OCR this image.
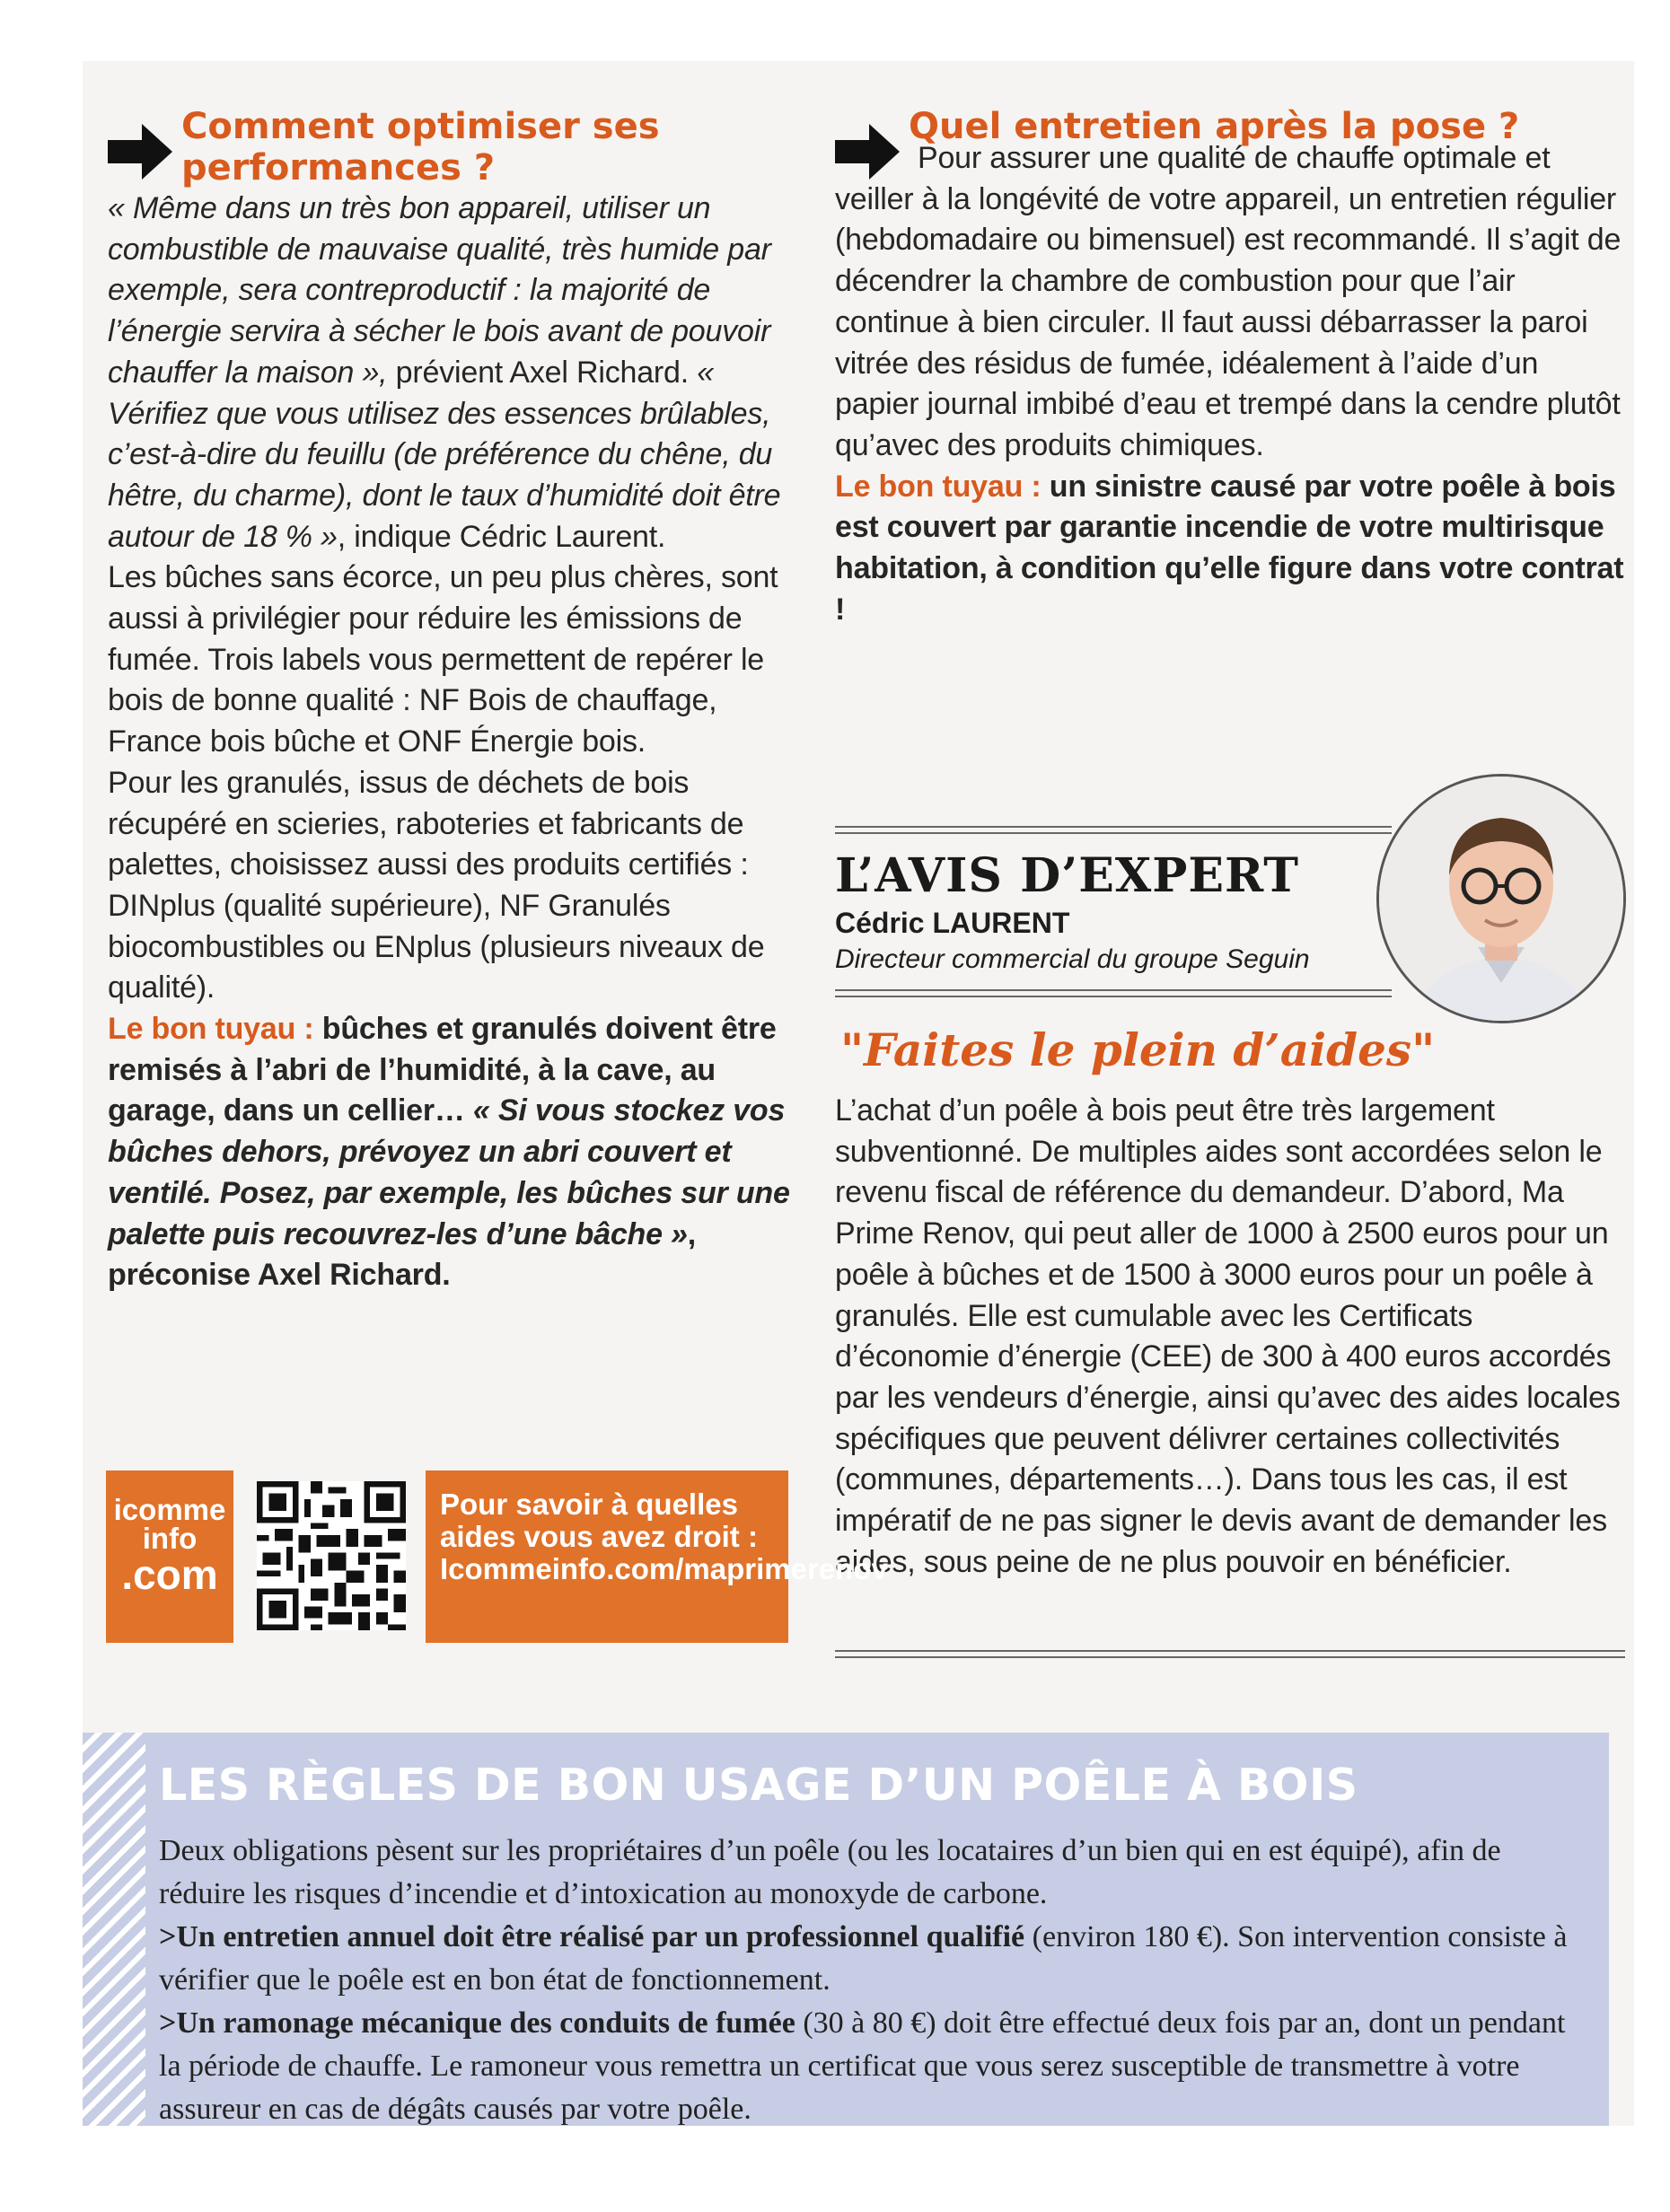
Comment optimiser ses performances ?

« Même dans un très bon appareil, utiliser un combustible de mauvaise qualité, très humide par exemple, sera contreproductif : la majorité de l’énergie servira à sécher le bois avant de pouvoir chauffer la maison », prévient Axel Richard. « Vérifiez que vous utilisez des essences brûlables, c’est-à-dire du feuillu (de préférence du chêne, du hêtre, du charme), dont le taux d’humidité doit être autour de 18 % », indique Cédric Laurent.

Les bûches sans écorce, un peu plus chères, sont aussi à privilégier pour réduire les émissions de fumée. Trois labels vous permettent de repérer le bois de bonne qualité : NF Bois de chauffage, France bois bûche et ONF Énergie bois.

Pour les granulés, issus de déchets de bois récupéré en scieries, raboteries et fabricants de palettes, choisissez aussi des produits certifiés : DINplus (qualité supérieure), NF Granulés biocombustibles ou ENplus (plusieurs niveaux de qualité).

Le bon tuyau : bûches et granulés doivent être remisés à l’abri de l’humidité, à la cave, au garage, dans un cellier… « Si vous stockez vos bûches dehors, prévoyez un abri couvert et ventilé. Posez, par exemple, les bûches sur une palette puis recouvrez-les d’une bâche », préconise Axel Richard.

Quel entretien après la pose ?

Pour assurer une qualité de chauffe optimale et veiller à la longévité de votre appareil, un entretien régulier (hebdomadaire ou bimensuel) est recommandé. Il s’agit de décendrer la chambre de combustion pour que l’air continue à bien circuler. Il faut aussi débarrasser la paroi vitrée des résidus de fumée, idéalement à l’aide d’un papier journal imbibé d’eau et trempé dans la cendre plutôt qu’avec des produits chimiques.

Le bon tuyau : un sinistre causé par votre poêle à bois est couvert par garantie incendie de votre multirisque habitation, à condition qu’elle figure dans votre contrat !

L’AVIS D’EXPERT
Cédric LAURENT
Directeur commercial du groupe Seguin
"Faites le plein d’aides"

L’achat d’un poêle à bois peut être très largement subventionné. De multiples aides sont accordées selon le revenu fiscal de référence du demandeur. D’abord, Ma Prime Renov, qui peut aller de 1000 à 2500 euros pour un poêle à bûches et de 1500 à 3000 euros pour un poêle à granulés. Elle est cumulable avec les Certificats d’économie d’énergie (CEE) de 300 à 400 euros accordés par les vendeurs d’énergie, ainsi qu’avec des aides locales spécifiques que peuvent délivrer certaines collectivités (communes, départements…). Dans tous les cas, il est impératif de ne pas signer le devis avant de demander les aides, sous peine de ne plus pouvoir en bénéficier.

icomme
info
.com
Pour savoir à quelles aides vous avez droit : Icommeinfo.com/maprimerenov
LES RÈGLES DE BON USAGE D’UN POÊLE À BOIS

Deux obligations pèsent sur les propriétaires d’un poêle (ou les locataires d’un bien qui en est équipé), afin de réduire les risques d’incendie et d’intoxication au monoxyde de carbone.

>Un entretien annuel doit être réalisé par un professionnel qualifié (environ 180 €). Son intervention consiste à vérifier que le poêle est en bon état de fonctionnement.

>Un ramonage mécanique des conduits de fumée (30 à 80 €) doit être effectué deux fois par an, dont un pendant la période de chauffe. Le ramoneur vous remettra un certificat que vous serez susceptible de transmettre à votre assureur en cas de dégâts causés par votre poêle.
